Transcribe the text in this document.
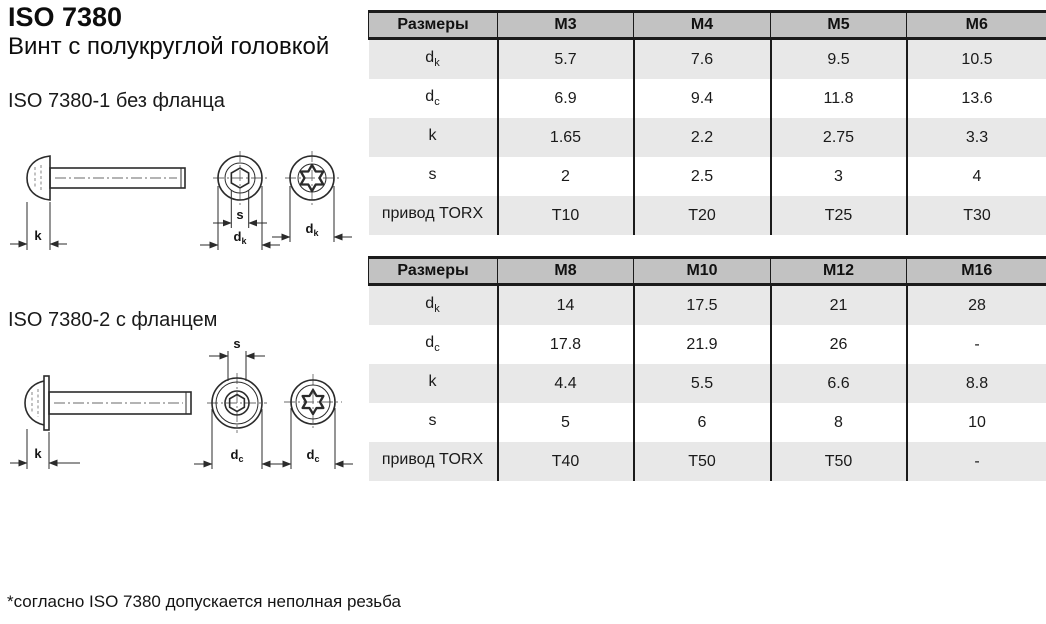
ISO 7380
Винт с полукруглой головкой
ISO 7380-1 без фланца
ISO 7380-2 с фланцем
*согласно ISO 7380 допускается неполная резьба
k
s
$d_k$
$d_k$
k
s
$d_c$	$d_c$
Размеры	M3	M4	M5	M6
$d_k$	5.7	7.6	9.5	10.5
$d_c$	6.9	9.4	11.8	13.6
k	1.65	2.2	2.75	3.3
s	2	2.5	3	4
привод TORX	T10	T20	T25	T30
Размеры	M8	M10	M12	M16
$d_k$	14	17.5	21	28
$d_c$	17.8	21.9	26	-
k	4.4	5.5	6.6	8.8
s	5	6	8	10
привод TORX	T40	T50	T50	-
